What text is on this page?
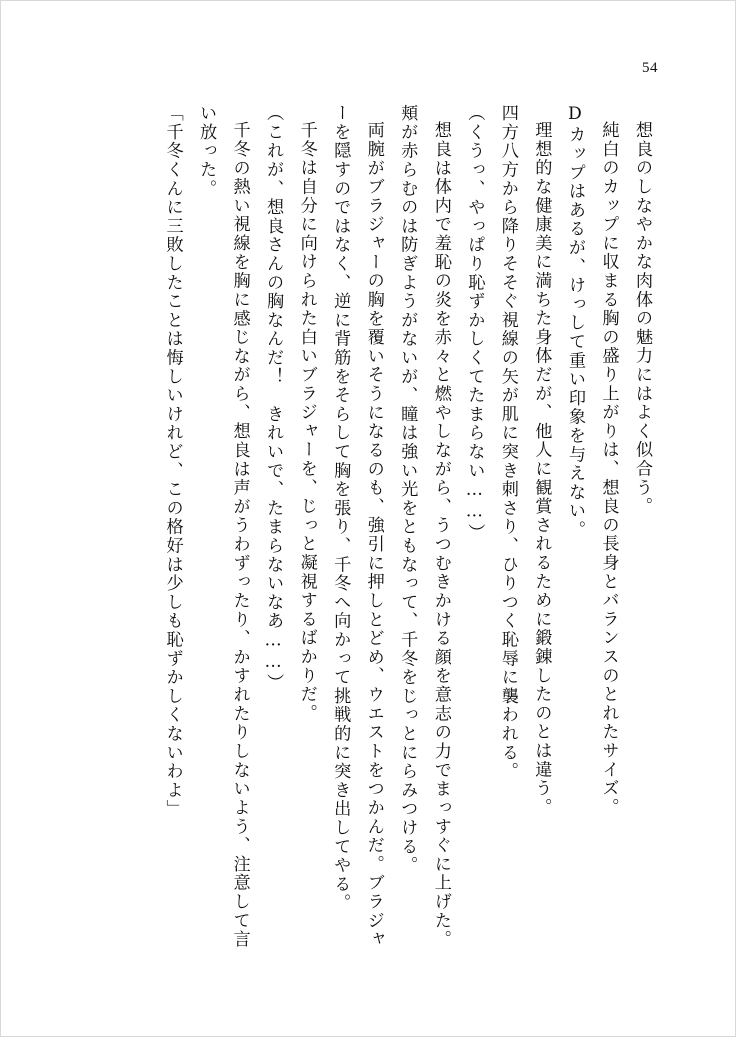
54

想良のしなやかな肉体の魅力にはよく似合う。

純白のカップに収まる胸の盛り上がりは、想良の長身とバランスのとれたサイズ。

Dカップはあるが、けっして重い印象を与えない。

理想的な健康美に満ちた身体だが、他人に観賞されるために鍛錬したのとは違う。

四方八方から降りそそぐ視線の矢が肌に突き刺さり、ひりつく恥辱に襲われる。

（くうっ、やっぱり恥ずかしくてたまらない……）

想良は体内で羞恥の炎を赤々と燃やしながら、うつむきかける顔を意志の力でまっすぐに上げた。頬が赤らむのは防ぎようがないが、瞳は強い光をともなって、千冬をじっとにらみつける。

両腕がブラジャーの胸を覆いそうになるのも、強引に押しとどめ、ウエストをつかんだ。ブラジャーを隠すのではなく、逆に背筋をそらして胸を張り、千冬へ向かって挑戦的に突き出してやる。

千冬は自分に向けられた白いブラジャーを、じっと凝視するばかりだ。

（これが、想良さんの胸なんだ！　きれいで、たまらないなあ……）

千冬の熱い視線を胸に感じながら、想良は声がうわずったり、かすれたりしないよう、注意して言い放った。

「千冬くんに三敗したことは悔しいけれど、この格好は少しも恥ずかしくないわよ」
